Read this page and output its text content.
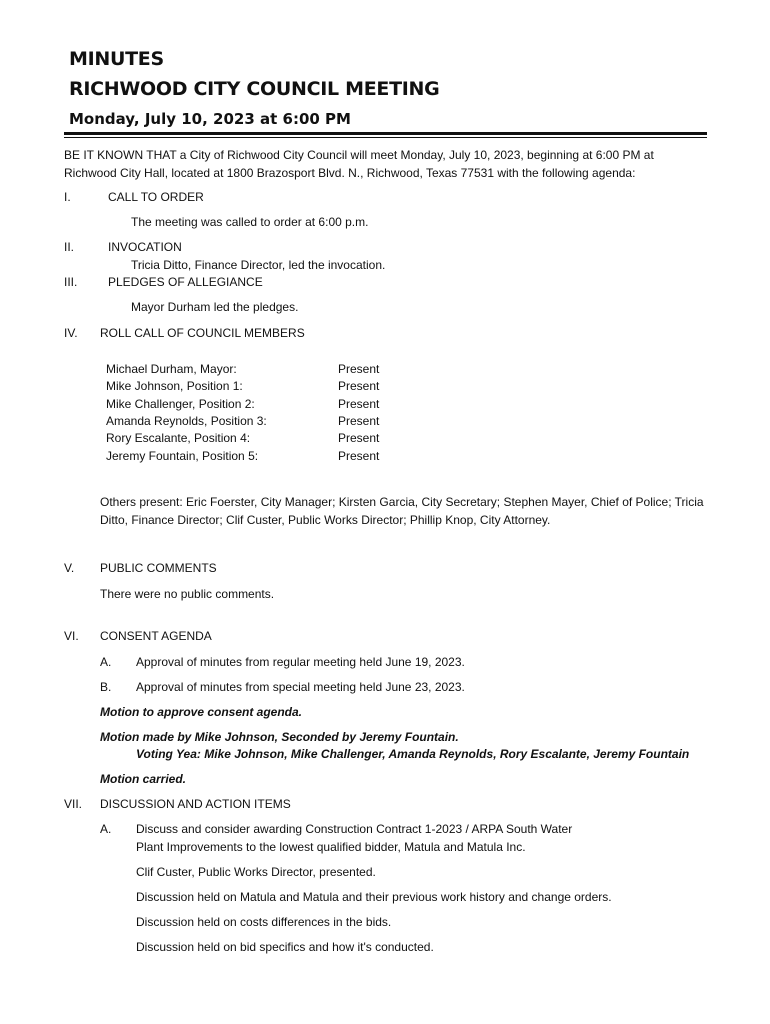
MINUTES
RICHWOOD CITY COUNCIL MEETING
Monday, July 10, 2023 at 6:00 PM
BE IT KNOWN THAT a City of Richwood City Council will meet Monday, July 10, 2023, beginning at 6:00 PM at Richwood City Hall, located at 1800 Brazosport Blvd. N., Richwood, Texas 77531 with the following agenda:
I.	CALL TO ORDER
The meeting was called to order at 6:00 p.m.
II.	INVOCATION
Tricia Ditto, Finance Director, led the invocation.
III.	PLEDGES OF ALLEGIANCE
Mayor Durham led the pledges.
IV. ROLL CALL OF COUNCIL MEMBERS
Michael Durham, Mayor:	Present
Mike Johnson, Position 1:	Present
Mike Challenger, Position 2:	Present
Amanda Reynolds, Position 3:	Present
Rory Escalante, Position 4:	Present
Jeremy Fountain, Position 5:	Present
Others present: Eric Foerster, City Manager; Kirsten Garcia, City Secretary; Stephen Mayer, Chief of Police; Tricia Ditto, Finance Director; Clif Custer, Public Works Director; Phillip Knop, City Attorney.
V. PUBLIC COMMENTS
There were no public comments.
VI. CONSENT AGENDA
A. Approval of minutes from regular meeting held June 19, 2023.
B. Approval of minutes from special meeting held June 23, 2023.
Motion to approve consent agenda.
Motion made by Mike Johnson, Seconded by Jeremy Fountain.
Voting Yea: Mike Johnson, Mike Challenger, Amanda Reynolds, Rory Escalante, Jeremy Fountain
Motion carried.
VII. DISCUSSION AND ACTION ITEMS
A. Discuss and consider awarding Construction Contract 1-2023 / ARPA South Water
Plant Improvements to the lowest qualified bidder, Matula and Matula Inc.
Clif Custer, Public Works Director, presented.
Discussion held on Matula and Matula and their previous work history and change orders.
Discussion held on costs differences in the bids.
Discussion held on bid specifics and how it's conducted.
